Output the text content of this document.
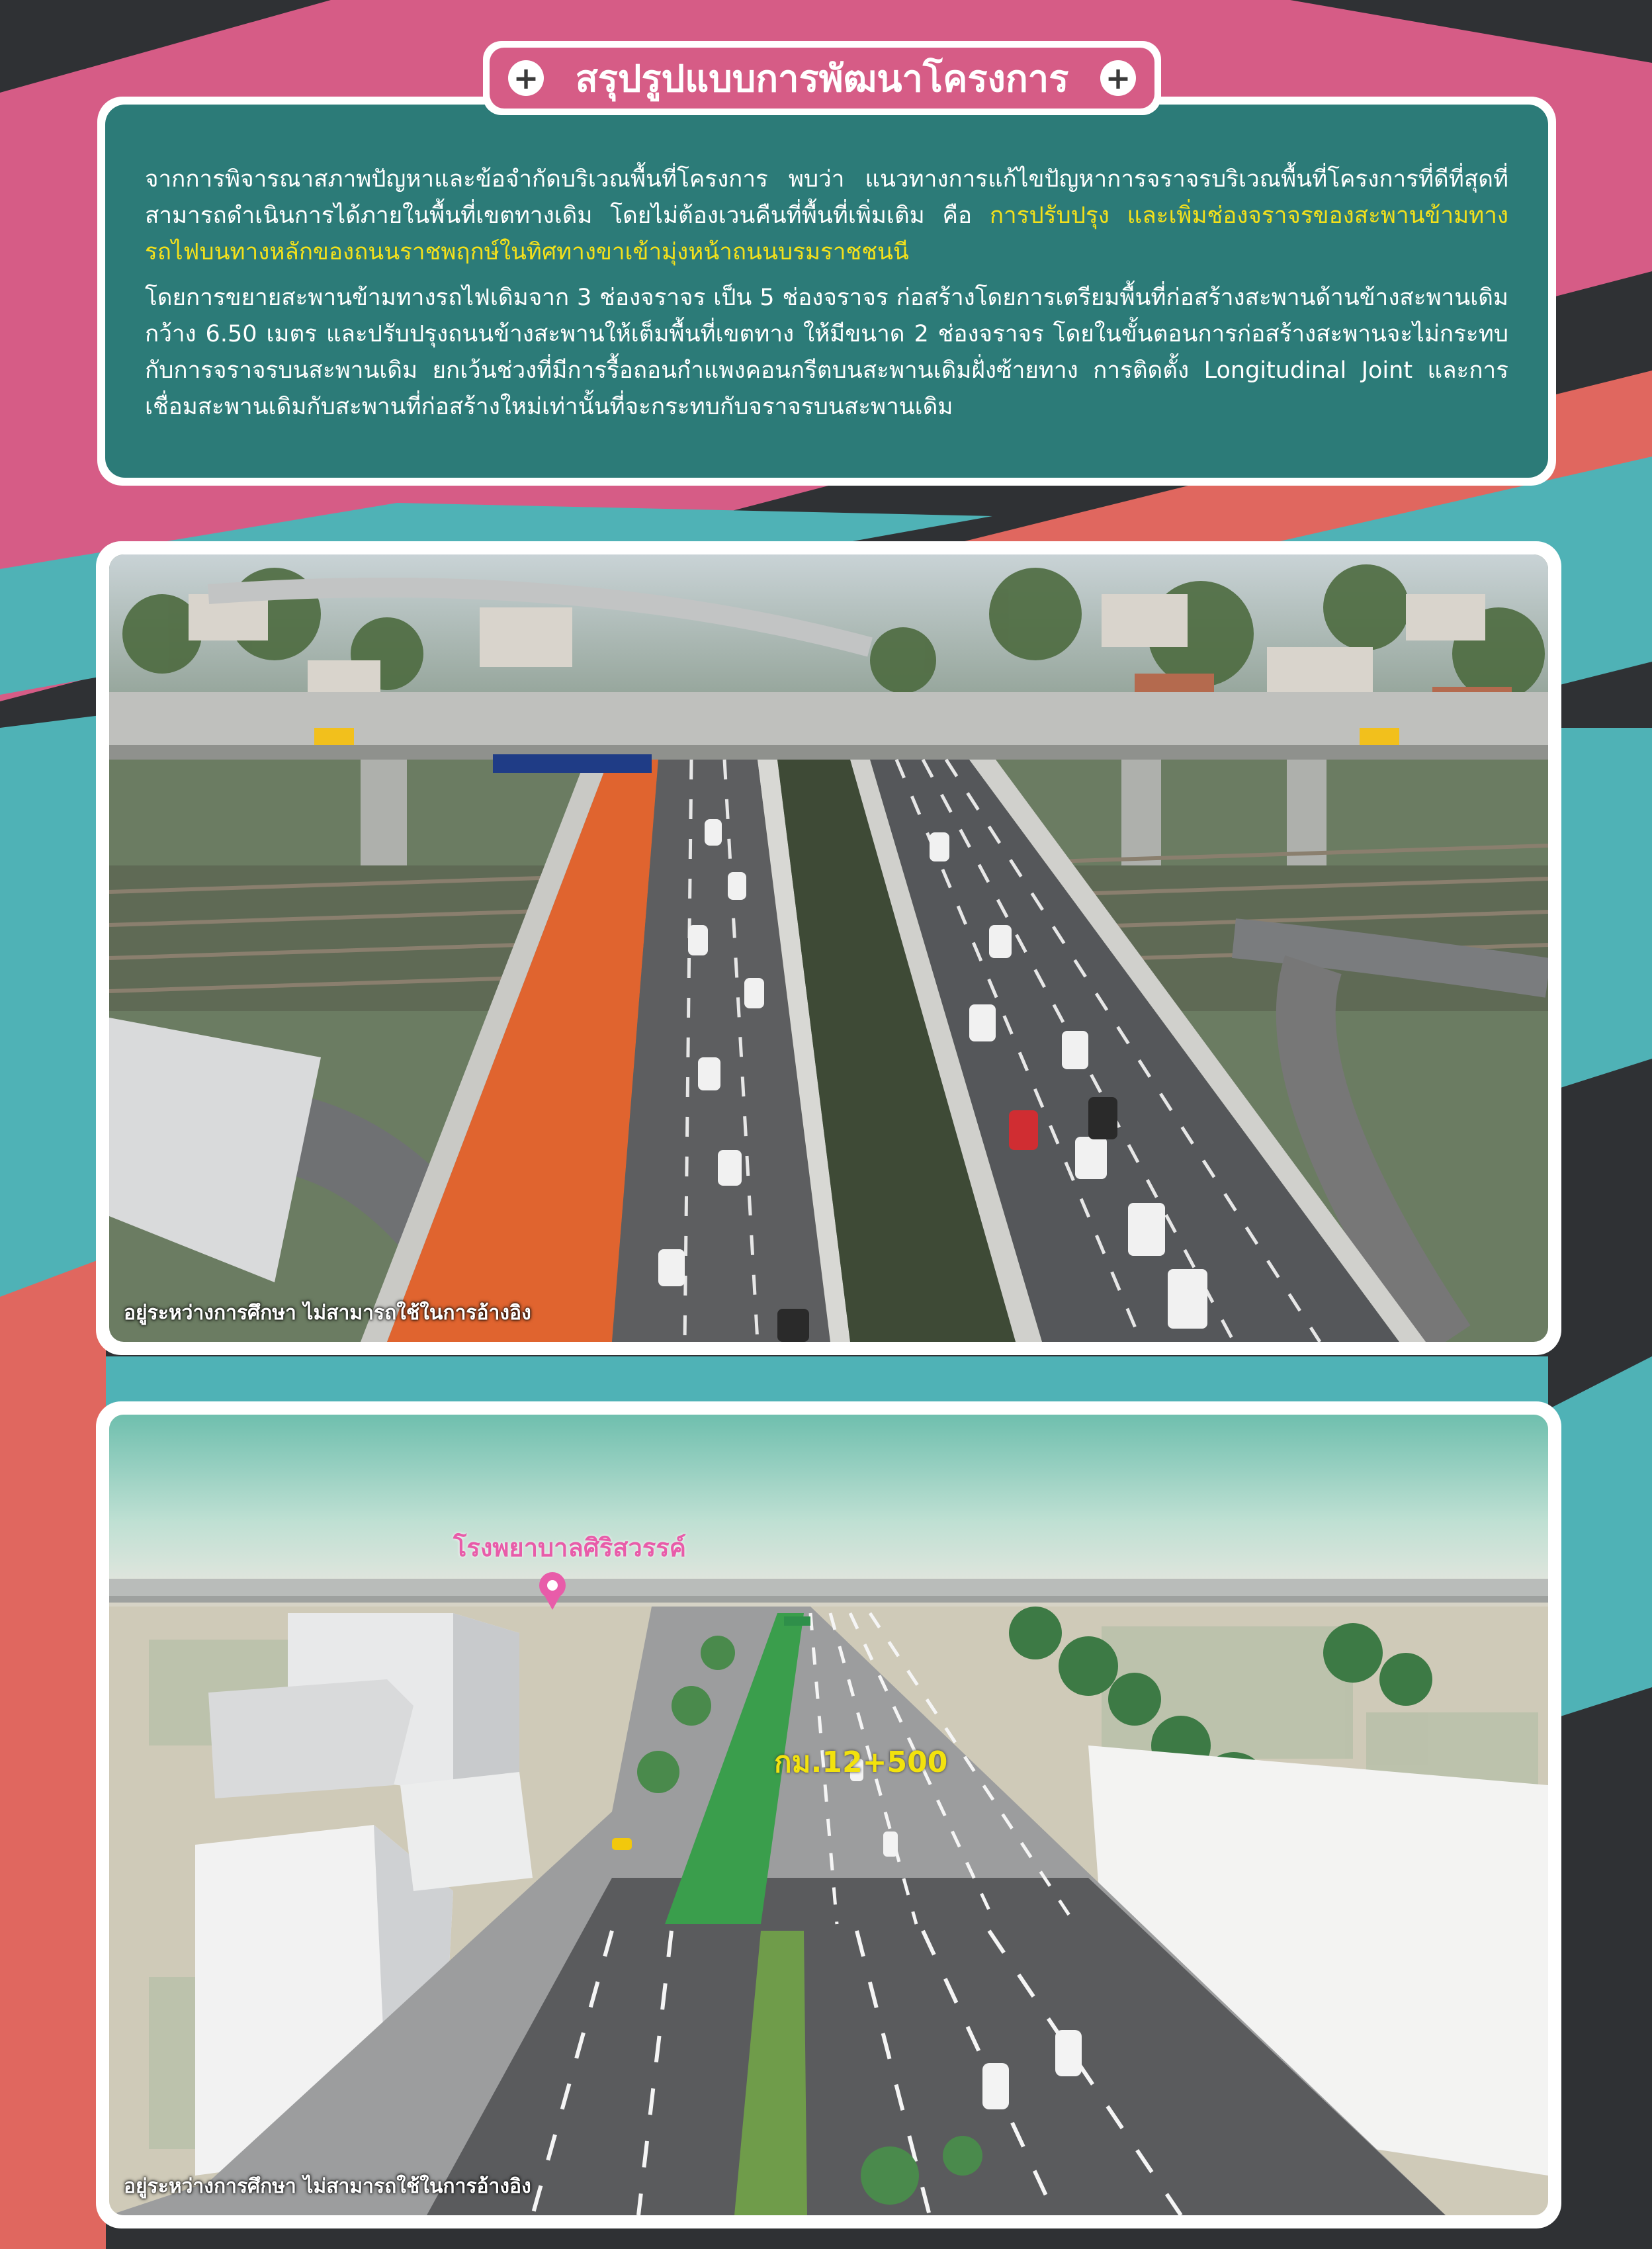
จากการพิจารณาสภาพปัญหาและข้อจำกัดบริเวณพื้นที่โครงการ พบว่า แนวทางการแก้ไขปัญหาการจราจรบริเวณพื้นที่โครงการที่ดีที่สุดที่สามารถดำเนินการได้ภายในพื้นที่เขตทางเดิม โดยไม่ต้องเวนคืนที่พื้นที่เพิ่มเติม คือ การปรับปรุง และเพิ่มช่องจราจรของสะพานข้ามทางรถไฟบนทางหลักของถนนราชพฤกษ์ในทิศทางขาเข้ามุ่งหน้าถนนบรมราชชนนี

โดยการขยายสะพานข้ามทางรถไฟเดิมจาก 3 ช่องจราจร เป็น 5 ช่องจราจร ก่อสร้างโดยการเตรียมพื้นที่ก่อสร้างสะพานด้านข้างสะพานเดิมกว้าง 6.50 เมตร และปรับปรุงถนนข้างสะพานให้เต็มพื้นที่เขตทาง ให้มีขนาด 2 ช่องจราจร โดยในขั้นตอนการก่อสร้างสะพานจะไม่กระทบกับการจราจรบนสะพานเดิม ยกเว้นช่วงที่มีการรื้อถอนกำแพงคอนกรีตบนสะพานเดิมฝั่งซ้ายทาง การติดตั้ง Longitudinal Joint และการเชื่อมสะพานเดิมกับสะพานที่ก่อสร้างใหม่เท่านั้นที่จะกระทบกับจราจรบนสะพานเดิม

+ สรุปรูปแบบการพัฒนาโครงการ +
อยู่ระหว่างการศึกษา ไม่สามารถใช้ในการอ้างอิง
โรงพยาบาลศิริสวรรค์
กม.12+500
อยู่ระหว่างการศึกษา ไม่สามารถใช้ในการอ้างอิง
